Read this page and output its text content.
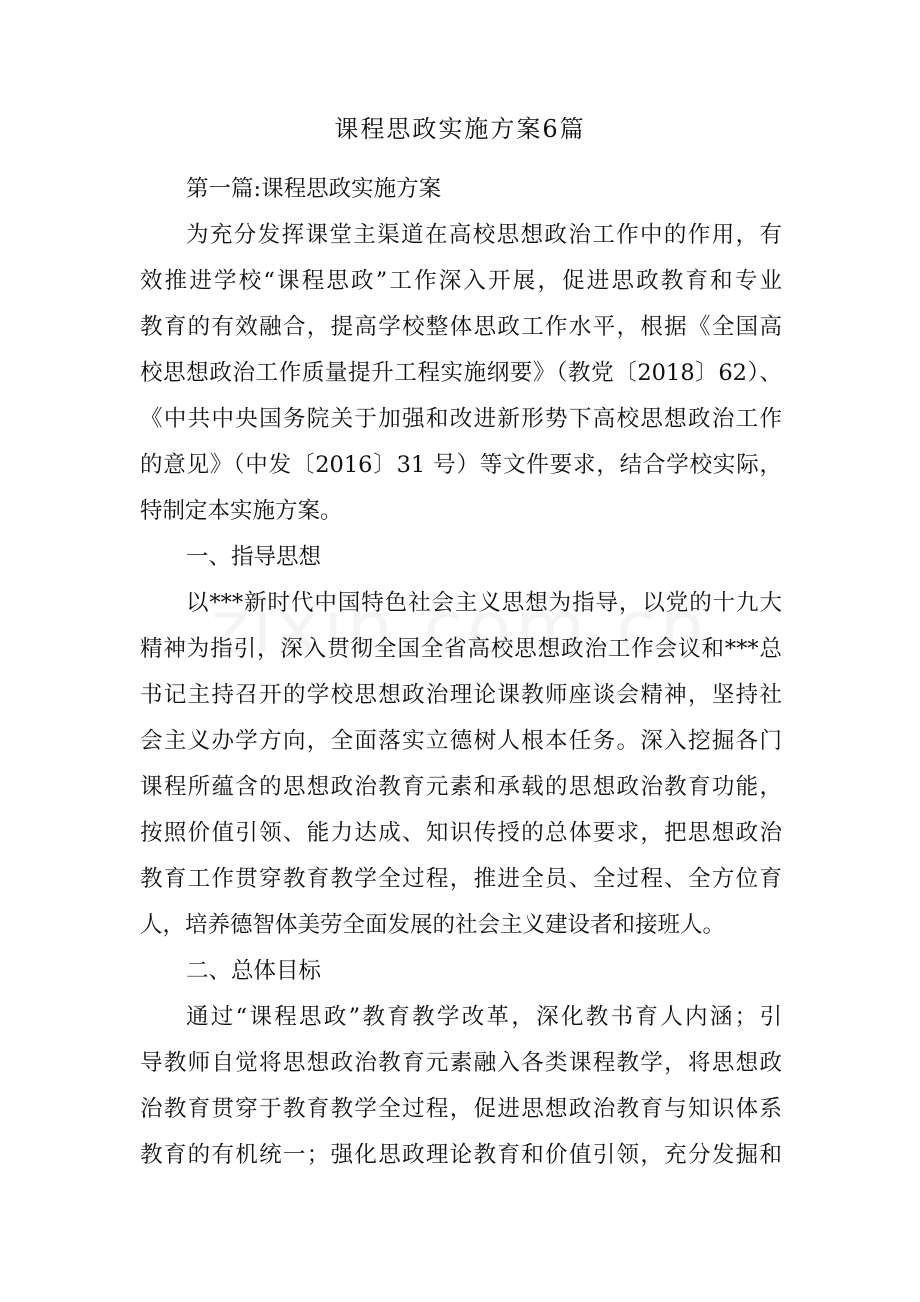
课程思政实施方案6篇
第一篇:课程思政实施方案
为充分发挥课堂主渠道在高校思想政治工作中的作用，有
效推进学校“课程思政”工作深入开展，促进思政教育和专业
教育的有效融合，提高学校整体思政工作水平，根据《全国高
校思想政治工作质量提升工程实施纲要》（教党〔2018〕62）、
《中共中央国务院关于加强和改进新形势下高校思想政治工作
的意见》（中发〔2016〕31 号）等文件要求，结合学校实际，
特制定本实施方案。
一、指导思想
以***新时代中国特色社会主义思想为指导，以党的十九大
精神为指引，深入贯彻全国全省高校思想政治工作会议和***总
书记主持召开的学校思想政治理论课教师座谈会精神，坚持社
会主义办学方向，全面落实立德树人根本任务。深入挖掘各门
课程所蕴含的思想政治教育元素和承载的思想政治教育功能，
按照价值引领、能力达成、知识传授的总体要求，把思想政治
教育工作贯穿教育教学全过程，推进全员、全过程、全方位育
人，培养德智体美劳全面发展的社会主义建设者和接班人。
二、总体目标
通过“课程思政”教育教学改革，深化教书育人内涵；引
导教师自觉将思想政治教育元素融入各类课程教学，将思想政
治教育贯穿于教育教学全过程，促进思想政治教育与知识体系
教育的有机统一；强化思政理论教育和价值引领，充分发掘和
